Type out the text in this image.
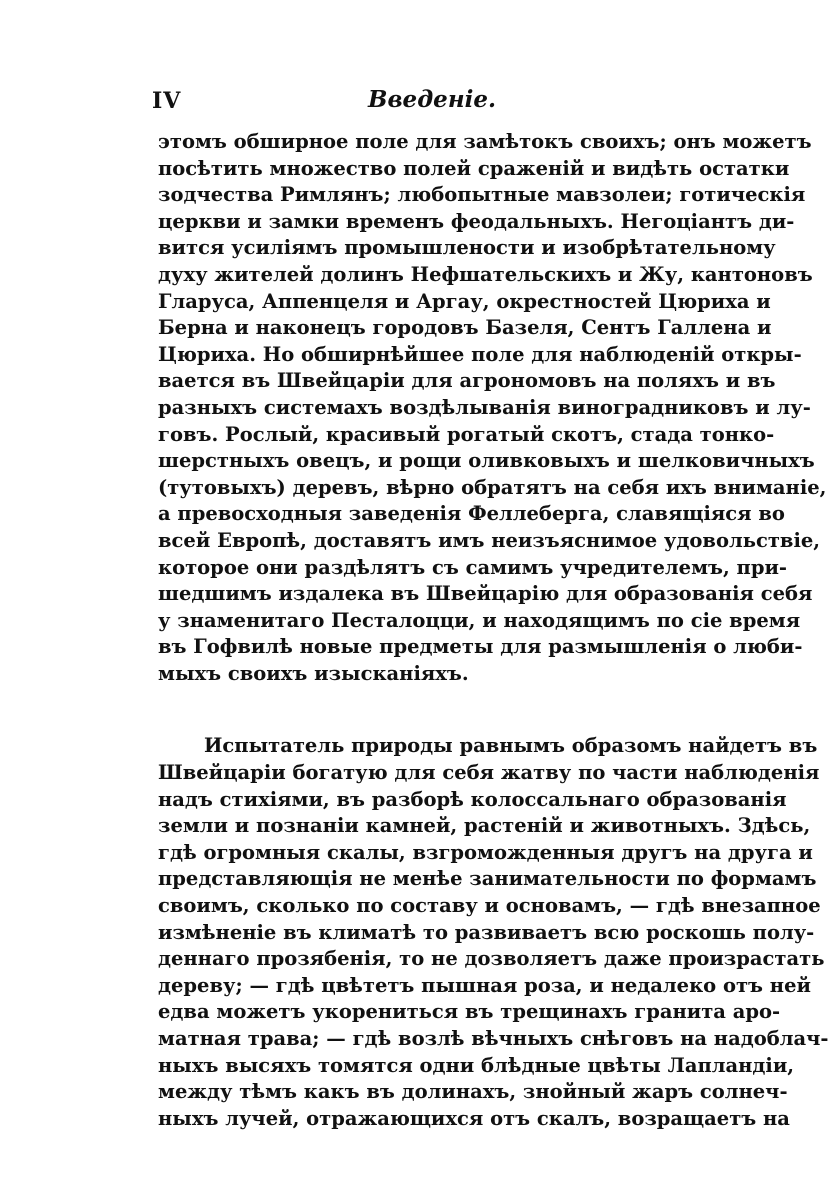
IV	Введеніе.
этомъ обширное поле для замѣтокъ своихъ; онъ можетъ
посѣтить множество полей сраженій и видѣть остатки
зодчества Римлянъ; любопытные мавзолеи; готическія
церкви и замки временъ феодальныхъ. Негоціантъ ди-
вится усиліямъ промышлености и изобрѣтательному
духу жителей долинъ Нефшательскихъ и Жу, кантоновъ
Гларуса, Аппенцеля и Аргау, окрестностей Цюриха и
Берна и наконецъ городовъ Базеля, Сентъ Галлена и
Цюриха. Но обширнѣйшее поле для наблюденій откры-
вается въ Швейцаріи для агрономовъ на поляхъ и въ
разныхъ системахъ воздѣлыванія виноградниковъ и лу-
говъ. Рослый, красивый рогатый скотъ, стада тонко-
шерстныхъ овецъ, и рощи оливковыхъ и шелковичныхъ
(тутовыхъ) деревъ, вѣрно обратятъ на себя ихъ вниманіе,
а превосходныя заведенія Феллеберга, славящіяся во
всей Европѣ, доставятъ имъ неизъяснимое удовольствіе,
которое они раздѣлятъ съ самимъ учредителемъ, при-
шедшимъ издалека въ Швейцарію для образованія себя
у знаменитаго Песталоцци, и находящимъ по сіе время
въ Гофвилѣ новые предметы для размышленія о люби-
мыхъ своихъ изысканіяхъ.
Испытатель природы равнымъ образомъ найдетъ въ
Швейцаріи богатую для себя жатву по части наблюденія
надъ стихіями, въ разборѣ колоссальнаго образованія
земли и познаніи камней, растеній и животныхъ. Здѣсь,
гдѣ огромныя скалы, взгроможденныя другъ на друга и
представляющія не менѣе занимательности по формамъ
своимъ, сколько по составу и основамъ, — гдѣ внезапное
измѣненіе въ климатѣ то развиваетъ всю роскошь полу-
деннаго прозябенія, то не дозволяетъ даже произрастать
дереву; — гдѣ цвѣтетъ пышная роза, и недалеко отъ ней
едва можетъ укорениться въ трещинахъ гранита аро-
матная трава; — гдѣ возлѣ вѣчныхъ снѣговъ на надоблач-
ныхъ высяхъ томятся одни блѣдные цвѣты Лапландіи,
между тѣмъ какъ въ долинахъ, знойный жаръ солнеч-
ныхъ лучей, отражающихся отъ скалъ, возращаетъ на
